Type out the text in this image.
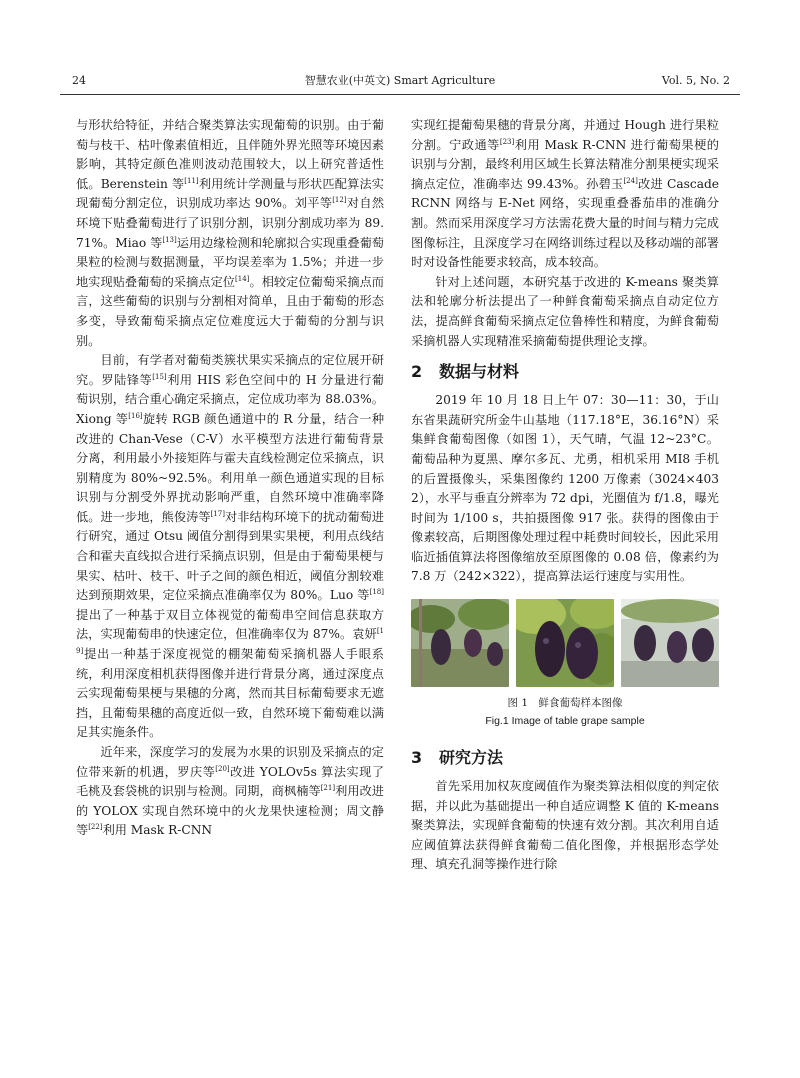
24	智慧农业(中英文) Smart Agriculture	Vol. 5, No. 2

与形状给特征，并结合聚类算法实现葡萄的识别。由于葡萄与枝干、枯叶像素值相近，且伴随外界光照等环境因素影响，其特定颜色准则波动范围较大，以上研究普适性低。Berenstein 等[11]利用统计学测量与形状匹配算法实现葡萄分割定位，识别成功率达 90%。刘平等[12]对自然环境下贴叠葡萄进行了识别分割，识别分割成功率为 89.71%。Miao 等[13]运用边缘检测和轮廓拟合实现重叠葡萄果粒的检测与数据测量，平均误差率为 1.5%；并进一步地实现贴叠葡萄的采摘点定位[14]。相较定位葡萄采摘点而言，这些葡萄的识别与分割相对简单，且由于葡萄的形态多变，导致葡萄采摘点定位难度远大于葡萄的分割与识别。

目前，有学者对葡萄类簇状果实采摘点的定位展开研究。罗陆锋等[15]利用 HIS 彩色空间中的 H 分量进行葡萄识别，结合重心确定采摘点，定位成功率为 88.03%。Xiong 等[16]旋转 RGB 颜色通道中的 R 分量，结合一种改进的 Chan-Vese（C-V）水平模型方法进行葡萄背景分离，利用最小外接矩阵与霍夫直线检测定位采摘点，识别精度为 80%~92.5%。利用单一颜色通道实现的目标识别与分割受外界扰动影响严重，自然环境中准确率降低。进一步地，熊俊涛等[17]对非结构环境下的扰动葡萄进行研究，通过 Otsu 阈值分割得到果实果梗，利用点线结合和霍夫直线拟合进行采摘点识别，但是由于葡萄果梗与果实、枯叶、枝干、叶子之间的颜色相近，阈值分割较难达到预期效果，定位采摘点准确率仅为 80%。Luo 等[18]提出了一种基于双目立体视觉的葡萄串空间信息获取方法，实现葡萄串的快速定位，但准确率仅为 87%。袁妍[19]提出一种基于深度视觉的棚架葡萄采摘机器人手眼系统，利用深度相机获得图像并进行背景分离，通过深度点云实现葡萄果梗与果穗的分离，然而其目标葡萄要求无遮挡，且葡萄果穗的高度近似一致，自然环境下葡萄难以满足其实施条件。

近年来，深度学习的发展为水果的识别及采摘点的定位带来新的机遇，罗庆等[20]改进 YOLOv5s 算法实现了毛桃及套袋桃的识别与检测。同期，商枫楠等[21]利用改进的 YOLOX 实现自然环境中的火龙果快速检测；周文静等[22]利用 Mask R-CNN

实现红提葡萄果穗的背景分离，并通过 Hough 进行果粒分割。宁政通等[23]利用 Mask R-CNN 进行葡萄果梗的识别与分割，最终利用区域生长算法精准分割果梗实现采摘点定位，准确率达 99.43%。孙碧玉[24]改进 Cascade RCNN 网络与 E-Net 网络，实现重叠番茄串的准确分割。然而采用深度学习方法需花费大量的时间与精力完成图像标注，且深度学习在网络训练过程以及移动端的部署时对设备性能要求较高，成本较高。

针对上述问题，本研究基于改进的 K-means 聚类算法和轮廓分析法提出了一种鲜食葡萄采摘点自动定位方法，提高鲜食葡萄采摘点定位鲁棒性和精度，为鲜食葡萄采摘机器人实现精准采摘葡萄提供理论支撑。

2 数据与材料

2019 年 10 月 18 日上午 07：30—11：30，于山东省果蔬研究所金牛山基地（117.18°E，36.16°N）采集鲜食葡萄图像（如图 1），天气晴，气温 12~23°C。葡萄品种为夏黑、摩尔多瓦、尤勇，相机采用 MI8 手机的后置摄像头，采集图像约 1200 万像素（3024×4032），水平与垂直分辨率为 72 dpi，光圈值为 f/1.8，曝光时间为 1/100 s，共拍摄图像 917 张。获得的图像由于像素较高，后期图像处理过程中耗费时间较长，因此采用临近插值算法将图像缩放至原图像的 0.08 倍，像素约为 7.8 万（242×322），提高算法运行速度与实用性。

图 1　鲜食葡萄样本图像
Fig.1 Image of table grape sample
3 研究方法

首先采用加权灰度阈值作为聚类算法相似度的判定依据，并以此为基础提出一种自适应调整 K 值的 K-means 聚类算法，实现鲜食葡萄的快速有效分割。其次利用自适应阈值算法获得鲜食葡萄二值化图像，并根据形态学处理、填充孔洞等操作进行除
